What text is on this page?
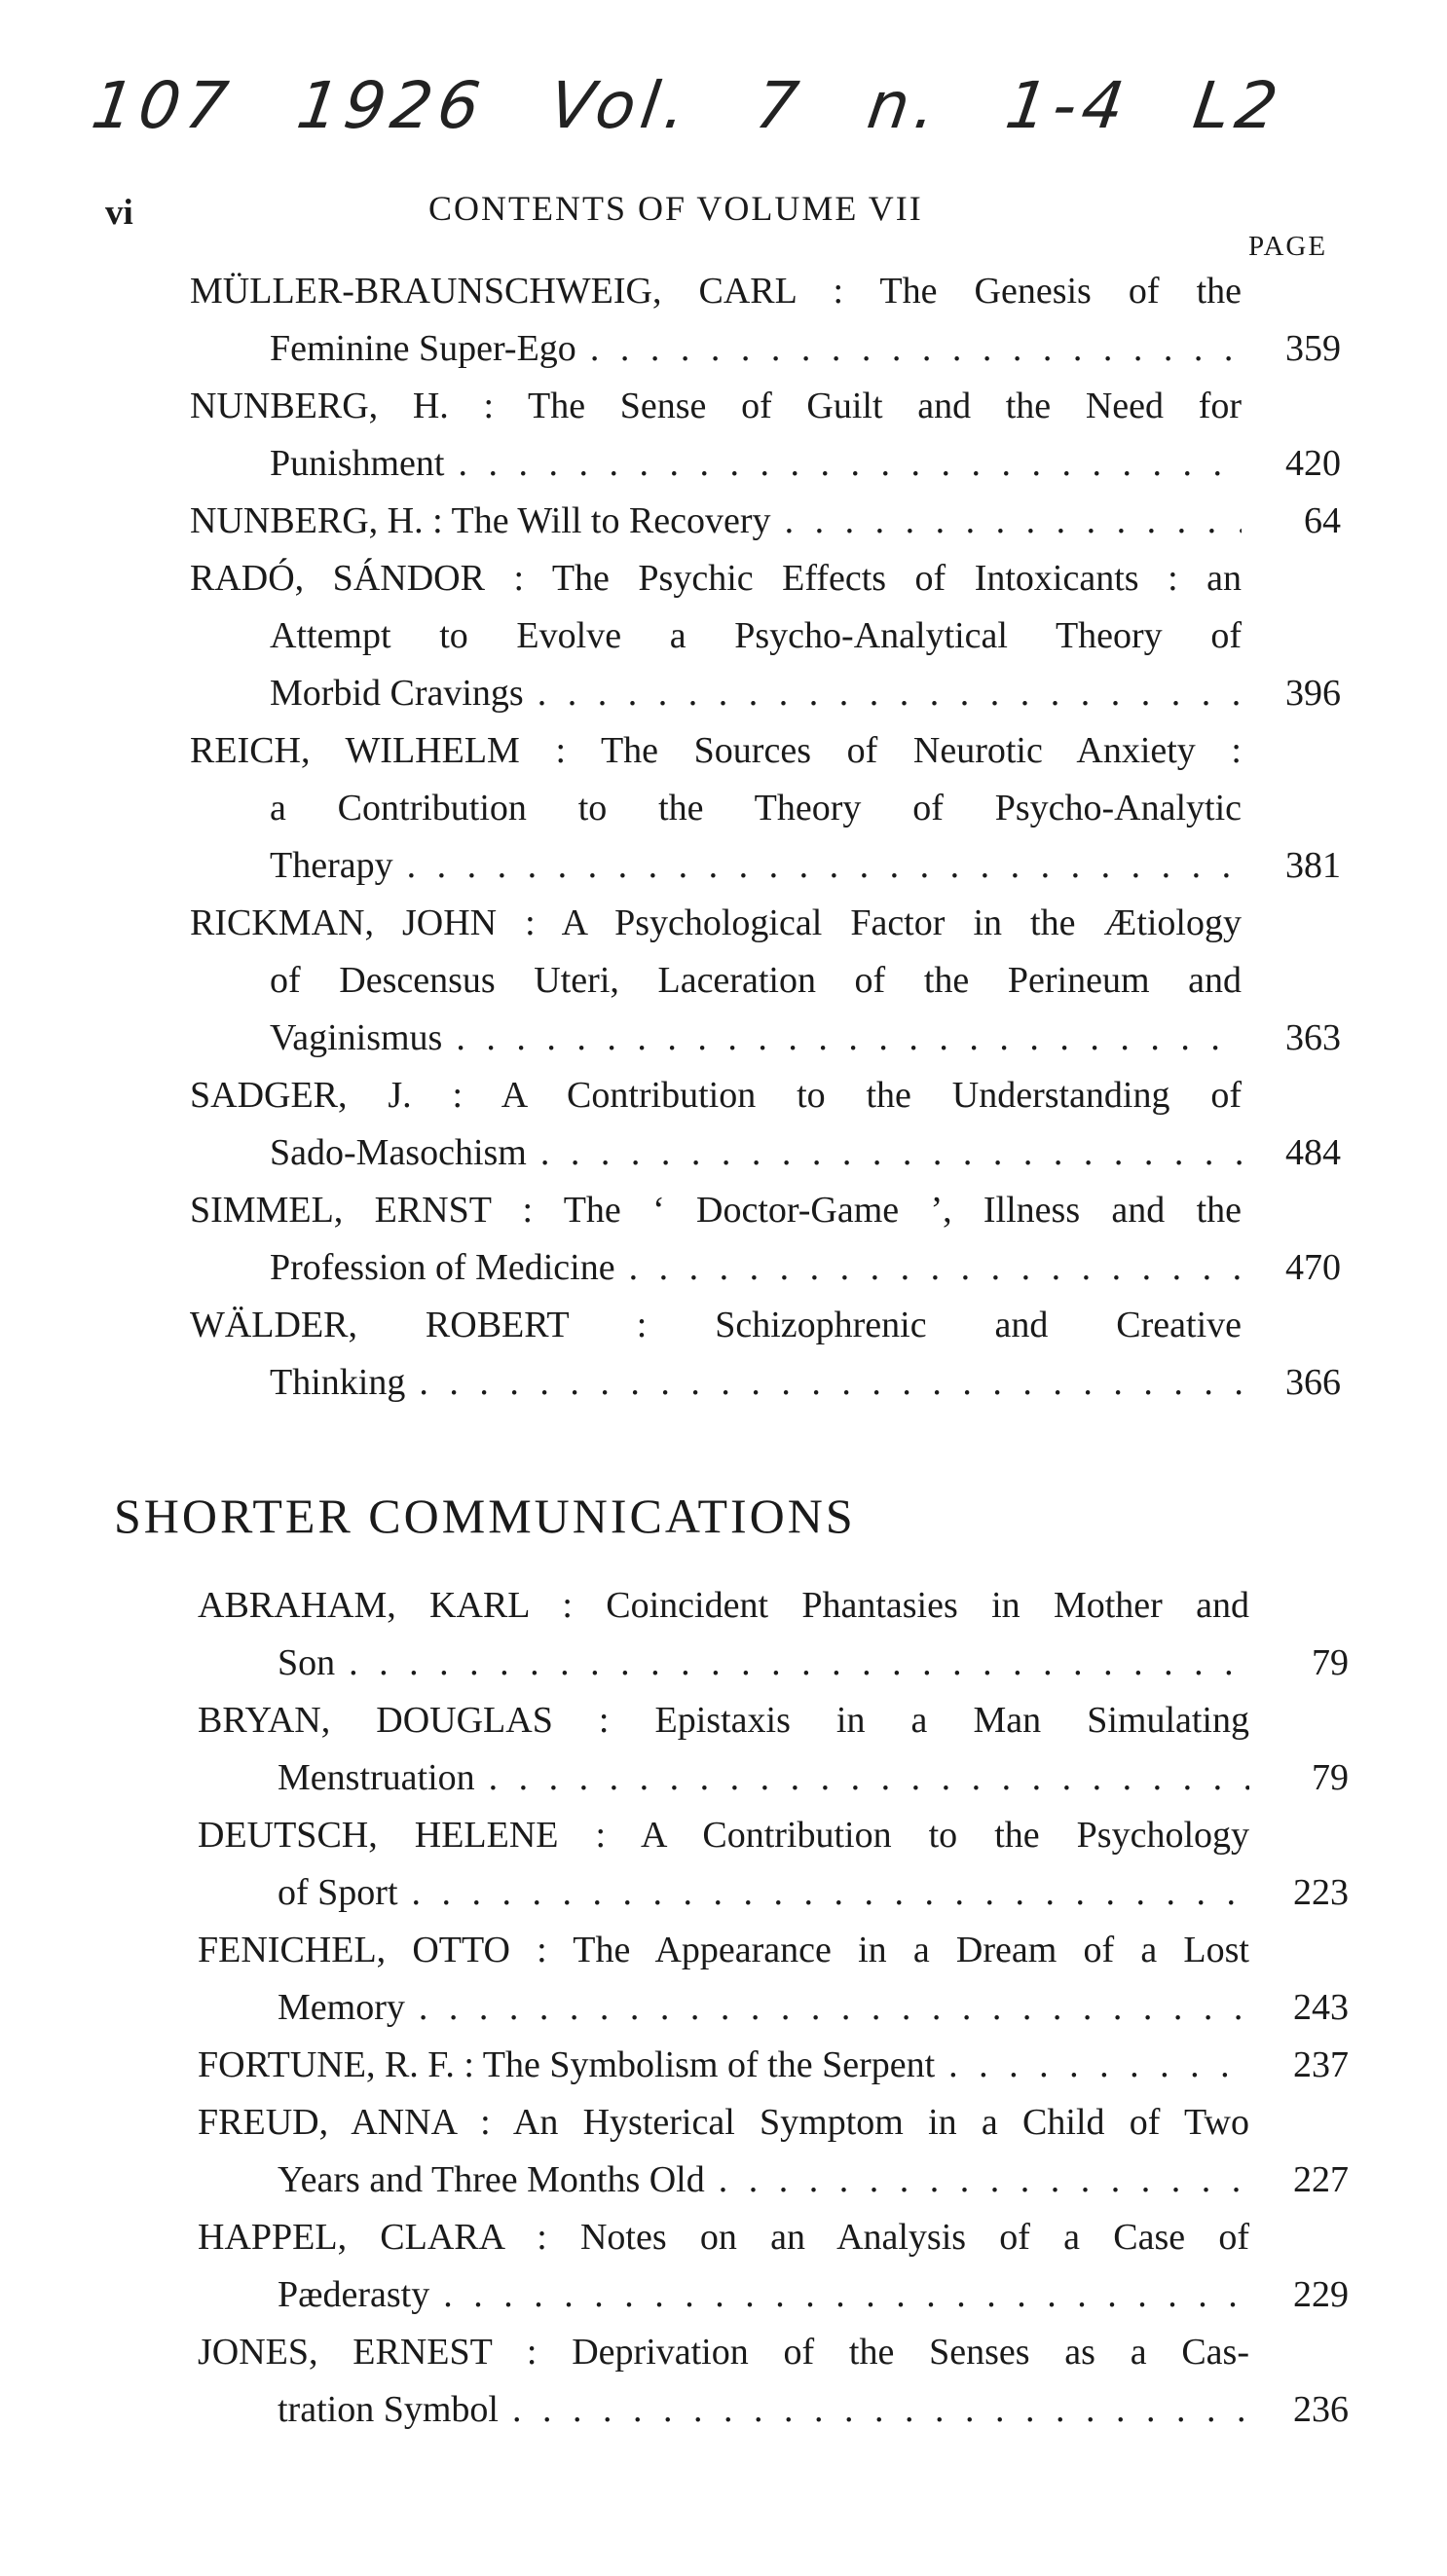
107 1926 Vol. 7 n. 1-4 L2
vi	CONTENTS OF VOLUME VII
PAGE
MÜLLER-BRAUNSCHWEIG, CARL : The Genesis of the
Feminine Super-Ego . . .	359
NUNBERG, H. : The Sense of Guilt and the Need for
Punishment . . .	420
NUNBERG, H. : The Will to Recovery . . .	64
RADÓ, SÁNDOR : The Psychic Effects of Intoxicants : an
Attempt to Evolve a Psycho-Analytical Theory of
Morbid Cravings . . .	396
REICH, WILHELM : The Sources of Neurotic Anxiety :
a Contribution to the Theory of Psycho-Analytic
Therapy . . .	381
RICKMAN, JOHN : A Psychological Factor in the Ætiology
of Descensus Uteri, Laceration of the Perineum and
Vaginismus . . .	363
SADGER, J. : A Contribution to the Understanding of
Sado-Masochism . . .	484
SIMMEL, ERNST : The ‘ Doctor-Game ’, Illness and the
Profession of Medicine . . .	470
WÄLDER, ROBERT : Schizophrenic and Creative
Thinking . . .	366
SHORTER COMMUNICATIONS
ABRAHAM, KARL : Coincident Phantasies in Mother and
Son . . .	79
BRYAN, DOUGLAS : Epistaxis in a Man Simulating
Menstruation . . .	79
DEUTSCH, HELENE : A Contribution to the Psychology
of Sport . . .	223
FENICHEL, OTTO : The Appearance in a Dream of a Lost
Memory . . .	243
FORTUNE, R. F. : The Symbolism of the Serpent . . .	237
FREUD, ANNA : An Hysterical Symptom in a Child of Two
Years and Three Months Old . . .	227
HAPPEL, CLARA : Notes on an Analysis of a Case of
Pæderasty . . .	229
JONES, ERNEST : Deprivation of the Senses as a Cas-
tration Symbol . . .	236
